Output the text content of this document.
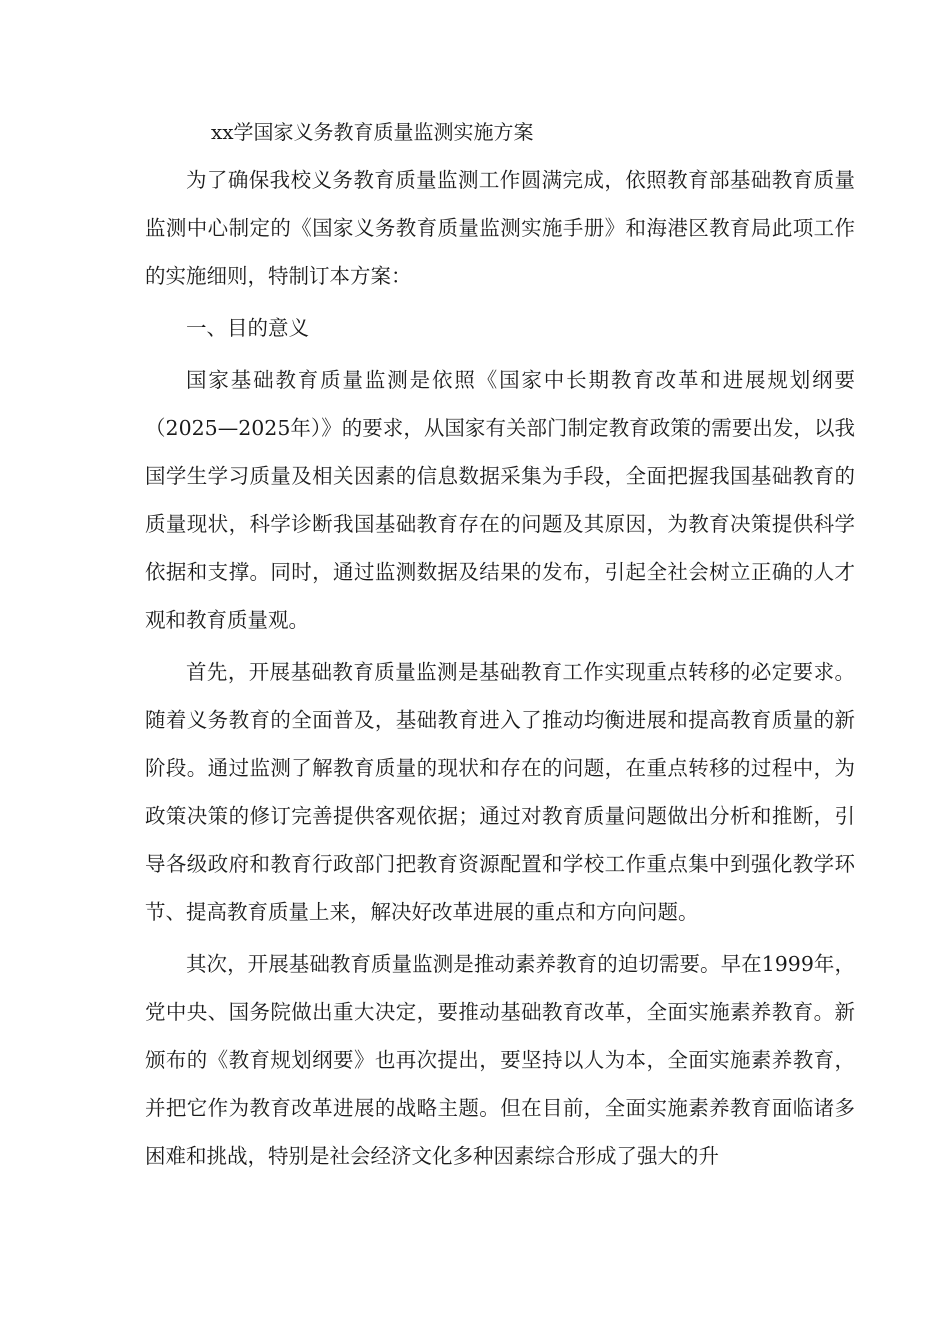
xx学国家义务教育质量监测实施方案

为了确保我校义务教育质量监测工作圆满完成，依照教育部基础教育质量监测中心制定的《国家义务教育质量监测实施手册》和海港区教育局此项工作的实施细则，特制订本方案：

一、目的意义

国家基础教育质量监测是依照《国家中长期教育改革和进展规划纲要（2025—2025年）》的要求，从国家有关部门制定教育政策的需要出发，以我国学生学习质量及相关因素的信息数据采集为手段，全面把握我国基础教育的质量现状，科学诊断我国基础教育存在的问题及其原因，为教育决策提供科学依据和支撑。同时，通过监测数据及结果的发布，引起全社会树立正确的人才观和教育质量观。

首先，开展基础教育质量监测是基础教育工作实现重点转移的必定要求。随着义务教育的全面普及，基础教育进入了推动均衡进展和提高教育质量的新阶段。通过监测了解教育质量的现状和存在的问题，在重点转移的过程中，为政策决策的修订完善提供客观依据；通过对教育质量问题做出分析和推断，引导各级政府和教育行政部门把教育资源配置和学校工作重点集中到强化教学环节、提高教育质量上来，解决好改革进展的重点和方向问题。

其次，开展基础教育质量监测是推动素养教育的迫切需要。早在1999年，党中央、国务院做出重大决定，要推动基础教育改革，全面实施素养教育。新颁布的《教育规划纲要》也再次提出，要坚持以人为本，全面实施素养教育，并把它作为教育改革进展的战略主题。但在目前，全面实施素养教育面临诸多困难和挑战，特别是社会经济文化多种因素综合形成了强大的升
